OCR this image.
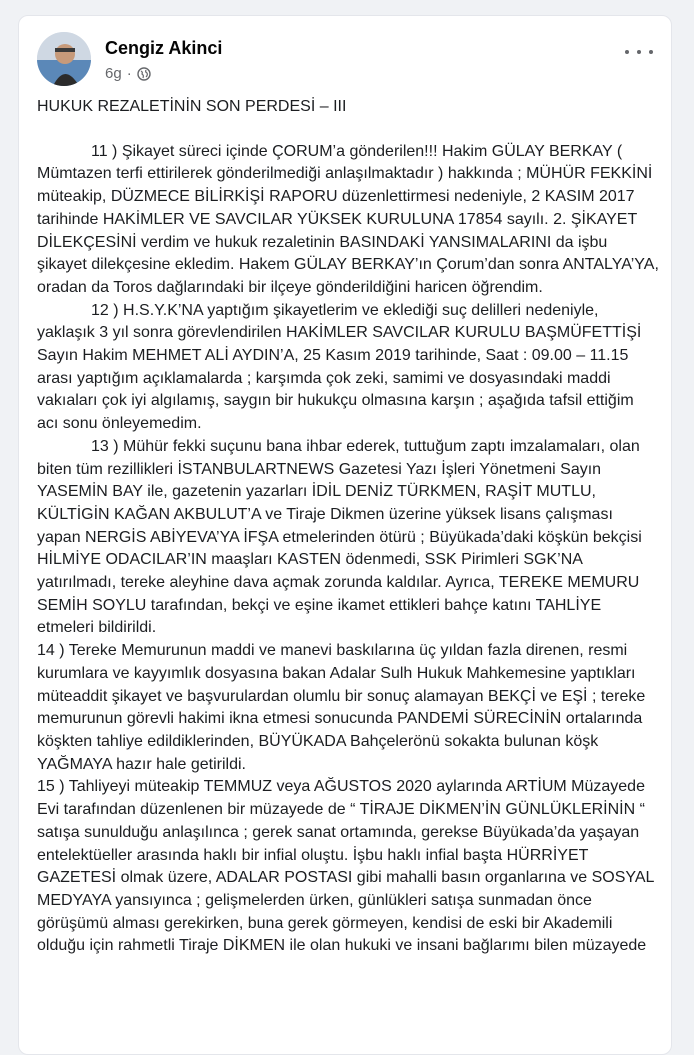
Cengiz Akinci
6g ·

HUKUK REZALETİNİN SON PERDESİ – III

11 ) Şikayet süreci içinde ÇORUM’a gönderilen!!! Hakim GÜLAY BERKAY ( Mümtazen terfi ettirilerek gönderilmediği anlaşılmaktadır ) hakkında ; MÜHÜR FEKKİNİ müteakip, DÜZMECE BİLİRKİŞİ RAPORU düzenlettirmesi nedeniyle, 2 KASIM 2017 tarihinde HAKİMLER VE SAVCILAR YÜKSEK KURULUNA 17854 sayılı. 2. ŞİKAYET DİLEKÇESİNİ verdim ve hukuk rezaletinin BASINDAKİ YANSIMALARINI da işbu şikayet dilekçesine ekledim. Hakem GÜLAY BERKAY’ın Çorum’dan sonra ANTALYA’YA, oradan da Toros dağlarındaki bir ilçeye gönderildiğini haricen öğrendim.

12 ) H.S.Y.K’NA yaptığım şikayetlerim ve eklediği suç delilleri nedeniyle, yaklaşık 3 yıl sonra görevlendirilen HAKİMLER SAVCILAR KURULU BAŞMÜFETTİŞİ Sayın Hakim MEHMET ALİ AYDIN’A, 25 Kasım 2019 tarihinde, Saat : 09.00 – 11.15 arası yaptığım açıklamalarda ; karşımda çok zeki, samimi ve dosyasındaki maddi vakıaları çok iyi algılamış, saygın bir hukukçu olmasına karşın ; aşağıda tafsil ettiğim acı sonu önleyemedim.

13 ) Mühür fekki suçunu bana ihbar ederek, tuttuğum zaptı imzalamaları, olan biten tüm rezillikleri İSTANBULARTNEWS Gazetesi Yazı İşleri Yönetmeni Sayın YASEMİN BAY ile, gazetenin yazarları İDİL DENİZ TÜRKMEN, RAŞİT MUTLU, KÜLTİGİN KAĞAN AKBULUT’A ve Tiraje Dikmen üzerine yüksek lisans çalışması yapan NERGİS ABİYEVA’YA İFŞA etmelerinden ötürü ; Büyükada’daki köşkün bekçisi HİLMİYE ODACILAR’IN maaşları KASTEN ödenmedi, SSK Pirimleri SGK’NA yatırılmadı, tereke aleyhine dava açmak zorunda kaldılar. Ayrıca, TEREKE MEMURU SEMİH SOYLU tarafından, bekçi ve eşine ikamet ettikleri bahçe katını TAHLİYE etmeleri bildirildi.

14 ) Tereke Memurunun maddi ve manevi baskılarına üç yıldan fazla direnen, resmi kurumlara ve kayyımlık dosyasına bakan Adalar Sulh Hukuk Mahkemesine yaptıkları müteaddit şikayet ve başvurulardan olumlu bir sonuç alamayan BEKÇİ ve EŞİ ; tereke memurunun görevli hakimi ikna etmesi sonucunda PANDEMİ SÜRECİNİN ortalarında köşkten tahliye edildiklerinden, BÜYÜKADA Bahçelerönü sokakta bulunan köşk YAĞMAYA hazır hale getirildi.

15 ) Tahliyeyi müteakip TEMMUZ veya AĞUSTOS 2020 aylarında ARTİUM Müzayede Evi tarafından düzenlenen bir müzayede de “ TİRAJE DİKMEN’İN GÜNLÜKLERİNİN “ satışa sunulduğu anlaşılınca ; gerek sanat ortamında, gerekse Büyükada’da yaşayan entelektüeller arasında haklı bir infial oluştu. İşbu haklı infial başta HÜRRİYET GAZETESİ olmak üzere, ADALAR POSTASI gibi mahalli basın organlarına ve SOSYAL MEDYAYA yansıyınca ; gelişmelerden ürken, günlükleri satışa sunmadan önce görüşümü alması gerekirken, buna gerek görmeyen, kendisi de eski bir Akademili olduğu için rahmetli Tiraje DİKMEN ile olan hukuki ve insani bağlarımı bilen müzayede
